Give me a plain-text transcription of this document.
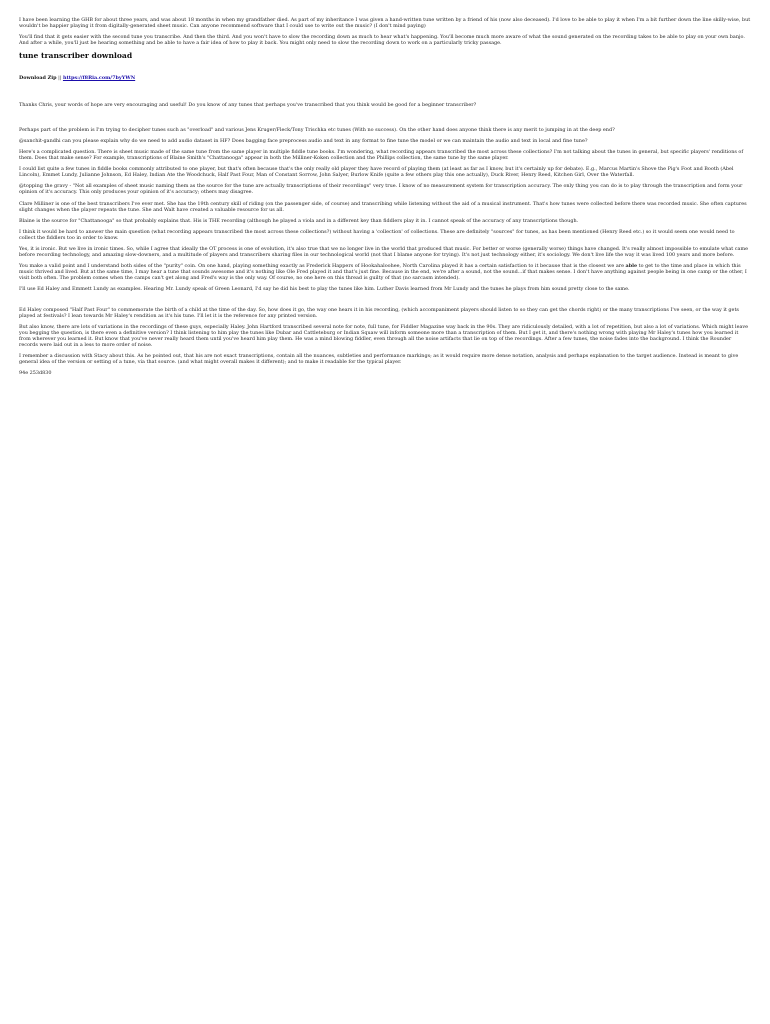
I have been learning the GHB for about three years, and was about 18 months in when my grandfather died. As part of my inheritance I was given a hand-written tune written by a friend of his (now also deceased). I'd love to be able to play it when I'm a bit further down the line skilly-wise, but wouldn't be happier playing it from digitally-generated sheet music. Can anyone recommend software that I could use to write out the music? (I don't mind paying)

You'll find that it gets easier with the second tune you transcribe. And then the third. And you won't have to slow the recording down as much to hear what's happening. You'll become much more aware of what the sound generated on the recording takes to be able to play on your own banjo. And after a while, you'll just be hearing something and be able to have a fair idea of how to play it back. You might only need to slow the recording down to work on a particularly tricky passage.

tune transcriber download
Download Zip || https://f8Ria.com/7byYWN

Thanks Chris, your words of hope are very encouraging and useful! Do you know of any tunes that perhaps you've transcribed that you think would be good for a beginner transcriber?

Perhaps part of the problem is I'm trying to decipher tunes such as "overload" and various Jens Kruger/Fleck/Tony Trischka etc tunes (With no success). On the other hand does anyone think there is any merit to jumping in at the deep end?

@sanchit-gandhi can you please explain why do we need to add audio dataset in HF? Does bagging face preprocess audio and text in any format to fine tune the model or we can maintain the audio and text in local and fine tune?

Here's a complicated question. There is sheet music made of the same tune from the same player in multiple fiddle tune books. I'm wondering, what recording appears transcribed the most across these collections? I'm not talking about the tunes in general, but specific players' renditions of them. Does that make sense? For example, transcriptions of Blaine Smith's "Chattanooga" appear in both the Milliner-Koken collection and the Phillips collection, the same tune by the same player.

I could list quite a few tunes in fiddle books commonly attributed to one player, but that's often because that's the only really old player they have record of playing them (at least as far as I know, but it's certainly up for debate). E.g., Marcus Martin's Shove the Pig's Foot and Booth (Abel Lincoln), Emmet Lundy, Julianne Johnson, Ed Haley, Indian Ate the Woodchuck, Half Past Four, Man of Constant Sorrow, John Salyer, Burlow Knife (quite a few others play this one actually), Duck River, Henry Reed, Kitchen Girl, Over the Waterfall.

@topping the gravy - "Not all examples of sheet music naming them as the source for the tune are actually transcriptions of their recordings" very true. I know of no measurement system for transcription accuracy. The only thing you can do is to play through the transcription and form your opinion of it's accuracy. This only produces your opinion of it's accuracy; others may disagree.

Clare Milliner is one of the best transcribers I've ever met. She has the 19th century skill of riding (on the passenger side, of course) and transcribing while listening without the aid of a musical instrument. That's how tunes were collected before there was recorded music. She often captures slight changes when the player repeats the tune. She and Walt have created a valuable resource for us all.

Blaine is the source for "Chattanooga" so that probably explains that. His is THE recording (although he played a viola and in a different key than fiddlers play it in. I cannot speak of the accuracy of any transcriptions though.

I think it would be hard to answer the main question (what recording appears transcribed the most across these collections?) without having a 'collection' of collections. These are definitely "sources" for tunes, as has been mentioned (Henry Reed etc.) so it would seem one would need to collect the fiddlers too in order to know.

Yes, it is ironic. But we live in ironic times. So, while I agree that ideally the OT process is one of evolution, it's also true that we no longer live in the world that produced that music. For better or worse (generally worse) things have changed. It's really almost impossible to emulate what came before recording technology, and amazing slow-downers, and a multitude of players and transcribers sharing files in our technological world (not that I blame anyone for trying). It's not just technology either, it's sociology. We don't live life the way it was lived 100 years and more before.

You make a valid point and I understand both sides of the "purity" coin. On one hand, playing something exactly as Frederick Happers of Hookahaloohee, North Carolina played it has a certain satisfaction to it because that is the closest we are able to get to the time and place in which this music thrived and lived. But at the same time, I may hear a tune that sounds awesome and it's nothing like Ole Fred played it and that's just fine. Because in the end, we're after a sound, not the sound...if that makes sense. I don't have anything against people being in one camp or the other, I visit both often. The problem comes when the camps can't get along and Fred's way is the only way. Of course, no one here on this thread is guilty of that (no sarcasm intended).

I'll use Ed Haley and Emmett Lundy as examples. Hearing Mr. Lundy speak of Green Leonard, I'd say he did his best to play the tunes like him. Luther Davis learned from Mr Lundy and the tunes he plays from him sound pretty close to the same.

Ed Haley composed "Half Past Four" to commemorate the birth of a child at the time of the day. So, how does it go, the way one hears it in his recording, (which accompaniment players should listen to so they can get the chords right) or the many transcriptions I've seen, or the way it gets played at festivals? I lean towards Mr Haley's rendition as it's his tune. I'll let it is the reference for any printed version.

But also know, there are lots of variations in the recordings of these guys, especially Haley. John Hartford transcribed several note for note, full tune, for Fiddler Magazine way back in the 90s. They are ridiculously detailed, with a lot of repetition, but also a lot of variations. Which might leave you begging the question, is there even a definitive version? I think listening to him play the tunes like Dubar and Cattleteburg or Indian Squaw will inform someone more than a transcription of them. But I get it, and there's nothing wrong with playing Mr Haley's tunes how you learned it from wherever you learned it. But know that you've never really heard them until you've heard him play them. He was a mind blowing fiddler, even through all the noise artifacts that lie on top of the recordings. After a few tunes, the noise fades into the background. I think the Rounder records were laid out in a less to more order of noise.

I remember a discussion with Stacy about this. As he pointed out, that his are not exact transcriptions, contain all the nuances, subtleties and performance markings; as it would require more dense notation, analysis and perhaps explanation to the target audience. Instead is meant to give general idea of the version or setting of a tune, via that source. (and what might overall makes it different); and to make it readable for the typical player.

94e 253d830
